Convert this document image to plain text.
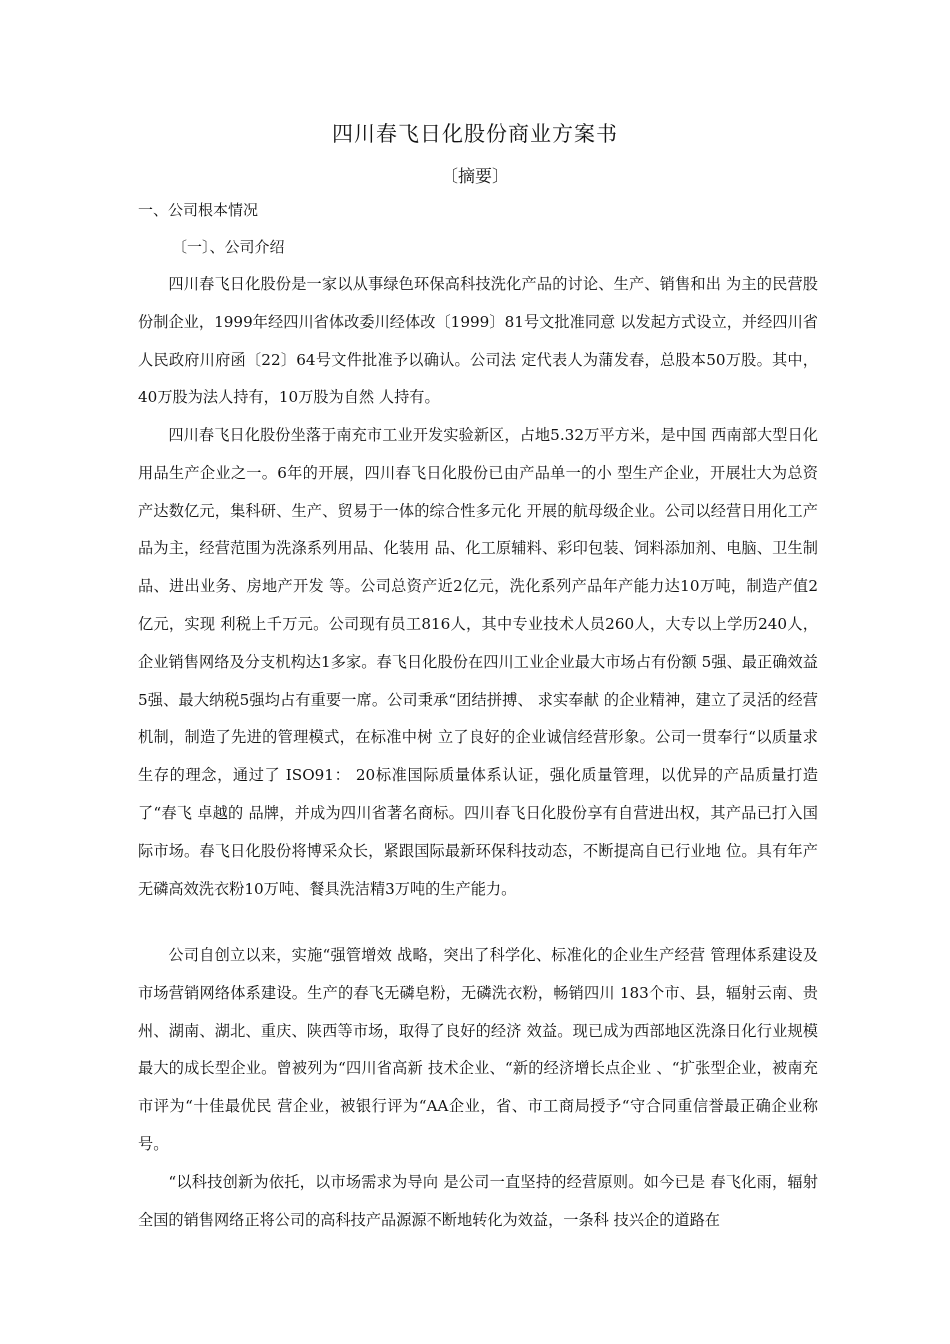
四川春飞日化股份商业方案书
〔摘要〕
一、公司根本情况
〔一〕、公司介绍

四川春飞日化股份是一家以从事绿色环保高科技洗化产品的讨论、生产、销售和出 为主的民营股份制企业，1999年经四川省体改委川经体改〔1999〕81号文批准同意 以发起方式设立，并经四川省人民政府川府函〔22〕64号文件批准予以确认。公司法 定代表人为蒲发春，总股本50万股。其中，40万股为法人持有，10万股为自然 人持有。

四川春飞日化股份坐落于南充市工业开发实验新区，占地5.32万平方米，是中国 西南部大型日化用品生产企业之一。6年的开展，四川春飞日化股份已由产品单一的小 型生产企业，开展壮大为总资产达数亿元，集科研、生产、贸易于一体的综合性多元化 开展的航母级企业。公司以经营日用化工产品为主，经营范围为洗涤系列用品、化装用 品、化工原辅料、彩印包装、饲料添加剂、电脑、卫生制品、进出业务、房地产开发 等。公司总资产近2亿元，洗化系列产品年产能力达10万吨，制造产值2亿元，实现 利税上千万元。公司现有员工816人，其中专业技术人员260人，大专以上学历240人， 企业销售网络及分支机构达1多家。春飞日化股份在四川工业企业最大市场占有份额 5强、最正确效益5强、最大纳税5强均占有重要一席。公司秉承“团结拼搏、 求实奉献 的企业精神，建立了灵活的经营机制，制造了先进的管理模式，在标准中树 立了良好的企业诚信经营形象。公司一贯奉行“以质量求生存的理念，通过了 ISO91： 20标准国际质量体系认证，强化质量管理，以优异的产品质量打造了“春飞 卓越的 品牌，并成为四川省著名商标。四川春飞日化股份享有自营进出权，其产品已打入国 际市场。春飞日化股份将博采众长，紧跟国际最新环保科技动态，不断提高自已行业地 位。具有年产无磷高效洗衣粉10万吨、餐具洗洁精3万吨的生产能力。

公司自创立以来，实施“强管增效 战略，突出了科学化、标准化的企业生产经营 管理体系建设及市场营销网络体系建设。生产的春飞无磷皂粉，无磷洗衣粉，畅销四川 183个市、县，辐射云南、贵州、湖南、湖北、重庆、陕西等市场，取得了良好的经济 效益。现已成为西部地区洗涤日化行业规模最大的成长型企业。曾被列为“四川省高新 技术企业、“新的经济增长点企业 、“扩张型企业，被南充市评为“十佳最优民 营企业，被银行评为“AA企业，省、市工商局授予“守合同重信誉最正确企业称 号。

“以科技创新为依托，以市场需求为导向 是公司一直坚持的经营原则。如今已是 春飞化雨，辐射全国的销售网络正将公司的高科技产品源源不断地转化为效益，一条科 技兴企的道路在
